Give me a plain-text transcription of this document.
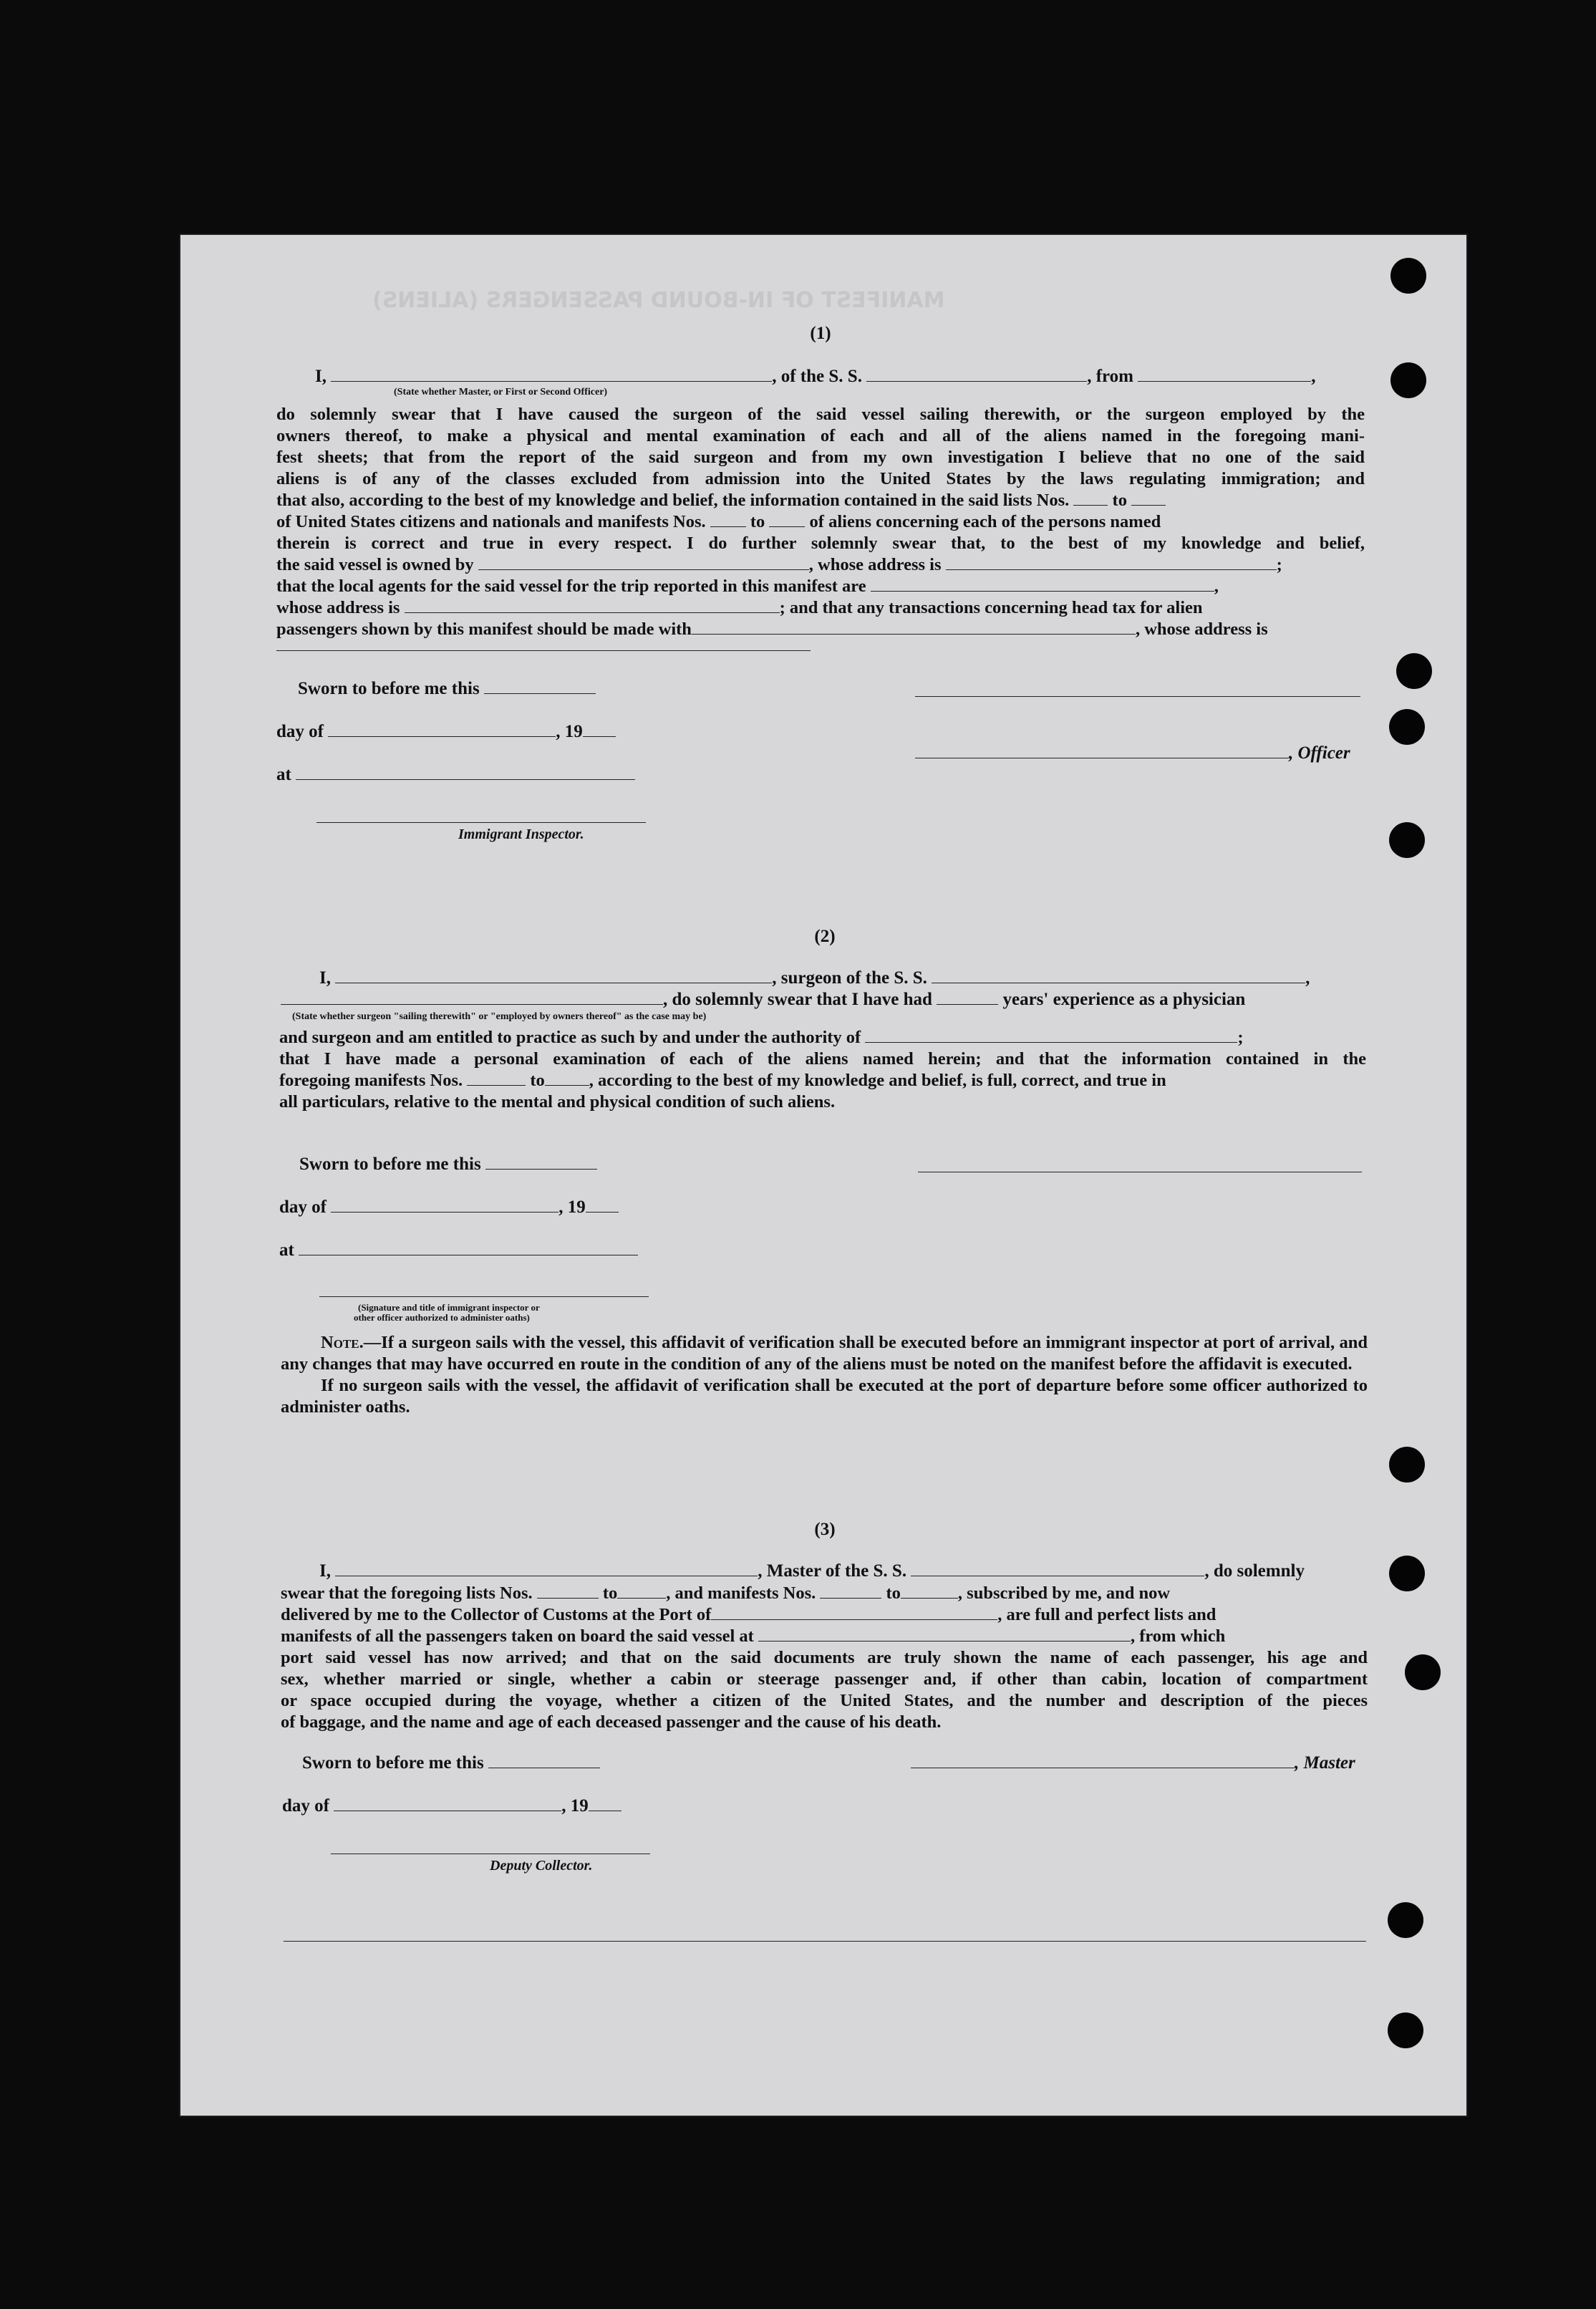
MANIFEST OF IN-BOUND PASSENGERS (ALIENS)
(1)
I,	, of the S. S.	, from	,
(State whether Master, or First or Second Officer)
do solemnly swear that I have caused the surgeon of the said vessel sailing therewith, or the surgeon employed by the
owners thereof, to make a physical and mental examination of each and all of the aliens named in the foregoing mani-
fest sheets; that from the report of the said surgeon and from my own investigation I believe that no one of the said
aliens is of any of the classes excluded from admission into the United States by the laws regulating immigration; and
that also, according to the best of my knowledge and belief, the information contained in the said lists Nos. to
of United States citizens and nationals and manifests Nos.	to	of aliens concerning each of the persons named
therein is correct and true in every respect. I do further solemnly swear that, to the best of my knowledge and belief,
the said vessel is owned by	, whose address is	;
that the local agents for the said vessel for the trip reported in this manifest are	,
whose address is	; and that any transactions concerning head tax for alien
passengers shown by this manifest should be made with	, whose address is
Sworn to before me this
day of	, 19
, Officer
at
Immigrant Inspector.
(2)
I,	, surgeon of the S. S.	,
, do solemnly swear that I have had	years' experience as a physician
(State whether surgeon "sailing therewith" or "employed by owners thereof" as the case may be)
and surgeon and am entitled to practice as such by and under the authority of	;
that I have made a personal examination of each of the aliens named herein; and that the information contained in the
foregoing manifests Nos.	to	, according to the best of my knowledge and belief, is full, correct, and true in
all particulars, relative to the mental and physical condition of such aliens.
Sworn to before me this
day of	, 19
at
(Signature and title of immigrant inspector or
other officer authorized to administer oaths)
Note.—If a surgeon sails with the vessel, this affidavit of verification shall be executed before an immigrant inspector at port of arrival, and any changes that may have occurred en route in the condition of any of the aliens must be noted on the manifest before the affidavit is executed.
If no surgeon sails with the vessel, the affidavit of verification shall be executed at the port of departure before some officer authorized to administer oaths.
(3)
I,	, Master of the S. S.	, do solemnly
swear that the foregoing lists Nos.	to	, and manifests Nos.	to	, subscribed by me, and now
delivered by me to the Collector of Customs at the Port of	, are full and perfect lists and
manifests of all the passengers taken on board the said vessel at	, from which
port said vessel has now arrived; and that on the said documents are truly shown the name of each passenger, his age and
sex, whether married or single, whether a cabin or steerage passenger and, if other than cabin, location of compartment
or space occupied during the voyage, whether a citizen of the United States, and the number and description of the pieces
of baggage, and the name and age of each deceased passenger and the cause of his death.
Sworn to before me this	, Master
day of	, 19
Deputy Collector.
